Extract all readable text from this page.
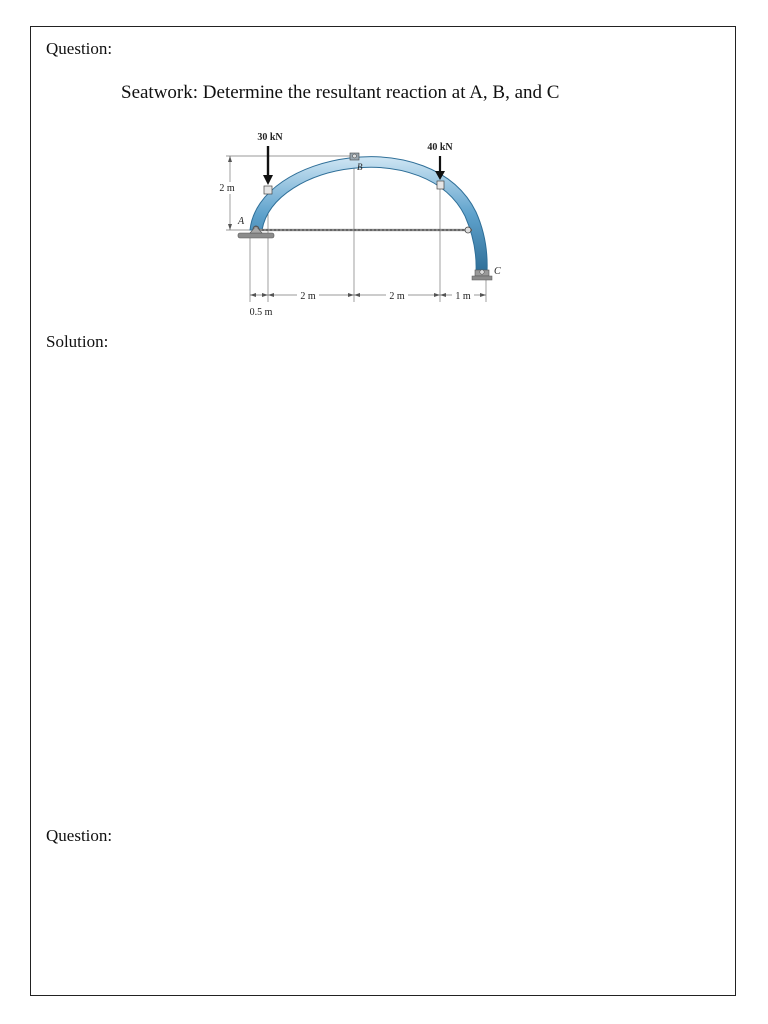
Question:
Seatwork: Determine the resultant reaction at A, B, and C
30 kN
40 kN
A
B
C
2 m
2 m	2 m	1 m
0.5 m
Solution:
Question:
